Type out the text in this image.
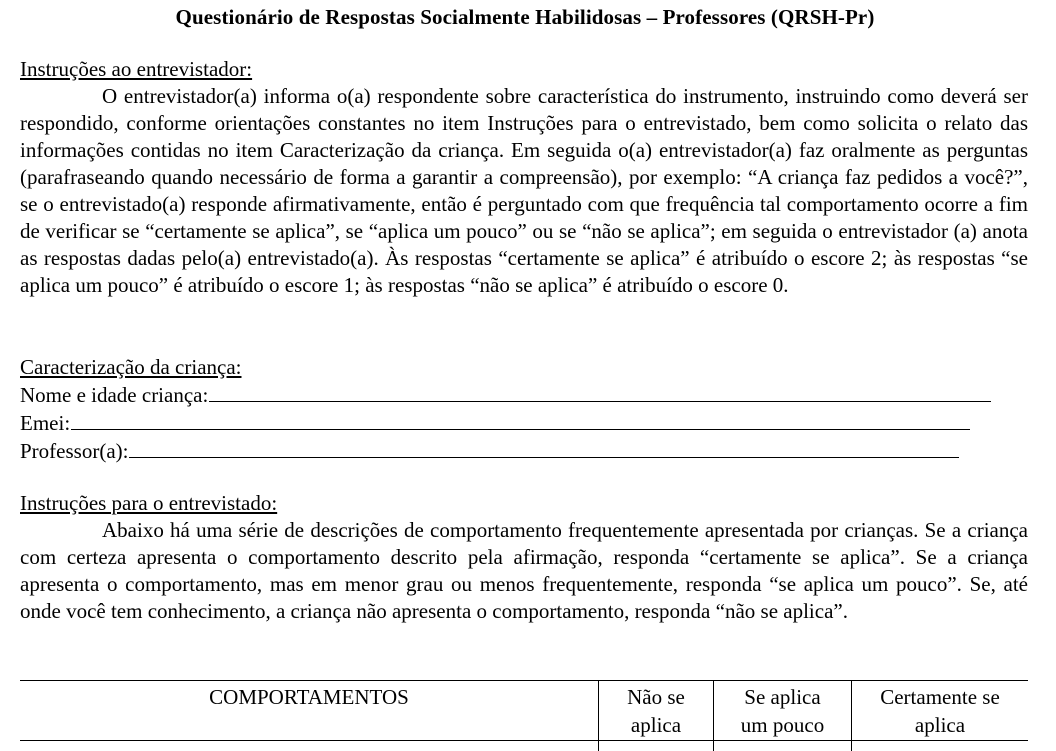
Questionário de Respostas Socialmente Habilidosas – Professores (QRSH-Pr)
Instruções ao entrevistador:

O entrevistador(a) informa o(a) respondente sobre característica do instrumento, instruindo como deverá ser respondido, conforme orientações constantes no item Instruções para o entrevistado, bem como solicita o relato das informações contidas no item Caracterização da criança. Em seguida o(a) entrevistador(a) faz oralmente as perguntas (parafraseando quando necessário de forma a garantir a compreensão), por exemplo: “A criança faz pedidos a você?”, se o entrevistado(a) responde afirmativamente, então é perguntado com que frequência tal comportamento ocorre a fim de verificar se “certamente se aplica”, se “aplica um pouco” ou se “não se aplica”; em seguida o entrevistador (a) anota as respostas dadas pelo(a) entrevistado(a). Às respostas “certamente se aplica” é atribuído o escore 2; às respostas “se aplica um pouco” é atribuído o escore 1; às respostas “não se aplica” é atribuído o escore 0.

Caracterização da criança:
Nome e idade criança:
Emei:
Professor(a):
Instruções para o entrevistado:

Abaixo há uma série de descrições de comportamento frequentemente apresentada por crianças. Se a criança com certeza apresenta o comportamento descrito pela afirmação, responda “certamente se aplica”. Se a criança apresenta o comportamento, mas em menor grau ou menos frequentemente, responda “se aplica um pouco”. Se, até onde você tem conhecimento, a criança não apresenta o comportamento, responda “não se aplica”.

COMPORTAMENTOS	Não se
aplica
Se aplica
um pouco
Certamente se
aplica
